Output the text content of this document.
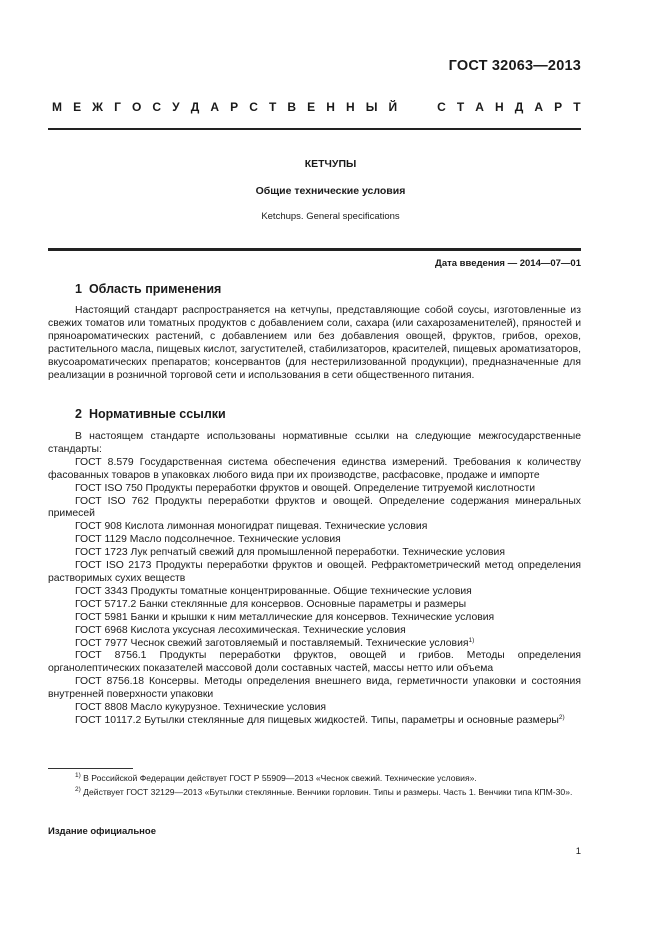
ГОСТ 32063—2013
М Е Ж Г О С У Д А Р С Т В Е Н Н Ы Й

	С Т А Н Д А Р Т
КЕТЧУПЫ
Общие технические условия
Ketchups. General specifications
Дата введения — 2014—07—01
1 Область применения

Настоящий стандарт распространяется на кетчупы, представляющие собой соусы, изготовленные из свежих томатов или томатных продуктов с добавлением соли, сахара (или сахарозаменителей), пряностей и пряноароматических растений, с добавлением или без добавления овощей, фруктов, грибов, орехов, растительного масла, пищевых кислот, загустителей, стабилизаторов, красителей, пищевых ароматизаторов, вкусоароматических препаратов; консервантов (для нестерилизованной продукции), предназначенные для реализации в розничной торговой сети и использования в сети общественного питания.

2 Нормативные ссылки

В настоящем стандарте использованы нормативные ссылки на следующие межгосударственные стандарты:

ГОСТ 8.579 Государственная система обеспечения единства измерений. Требования к количеству фасованных товаров в упаковках любого вида при их производстве, расфасовке, продаже и импорте

ГОСТ ISO 750 Продукты переработки фруктов и овощей. Определение титруемой кислотности

ГОСТ ISO 762 Продукты переработки фруктов и овощей. Определение содержания минеральных примесей

ГОСТ 908 Кислота лимонная моногидрат пищевая. Технические условия

ГОСТ 1129 Масло подсолнечное. Технические условия

ГОСТ 1723 Лук репчатый свежий для промышленной переработки. Технические условия

ГОСТ ISO 2173 Продукты переработки фруктов и овощей. Рефрактометрический метод определения растворимых сухих веществ

ГОСТ 3343 Продукты томатные концентрированные. Общие технические условия

ГОСТ 5717.2 Банки стеклянные для консервов. Основные параметры и размеры

ГОСТ 5981 Банки и крышки к ним металлические для консервов. Технические условия

ГОСТ 6968 Кислота уксусная лесохимическая. Технические условия

ГОСТ 7977 Чеснок свежий заготовляемый и поставляемый. Технические условия$^{1)}$

ГОСТ 8756.1 Продукты переработки фруктов, овощей и грибов. Методы определения органолептических показателей массовой доли составных частей, массы нетто или объема

ГОСТ 8756.18 Консервы. Методы определения внешнего вида, герметичности упаковки и состояния внутренней поверхности упаковки

ГОСТ 8808 Масло кукурузное. Технические условия

ГОСТ 10117.2 Бутылки стеклянные для пищевых жидкостей. Типы, параметры и основные размеры$^{2)}$

$^{1)}$ В Российской Федерации действует ГОСТ Р 55909—2013 «Чеснок свежий. Технические условия».

$^{2)}$ Действует ГОСТ 32129—2013 «Бутылки стеклянные. Венчики горловин. Типы и размеры. Часть 1. Венчики типа КПМ-30».

Издание официальное
1
